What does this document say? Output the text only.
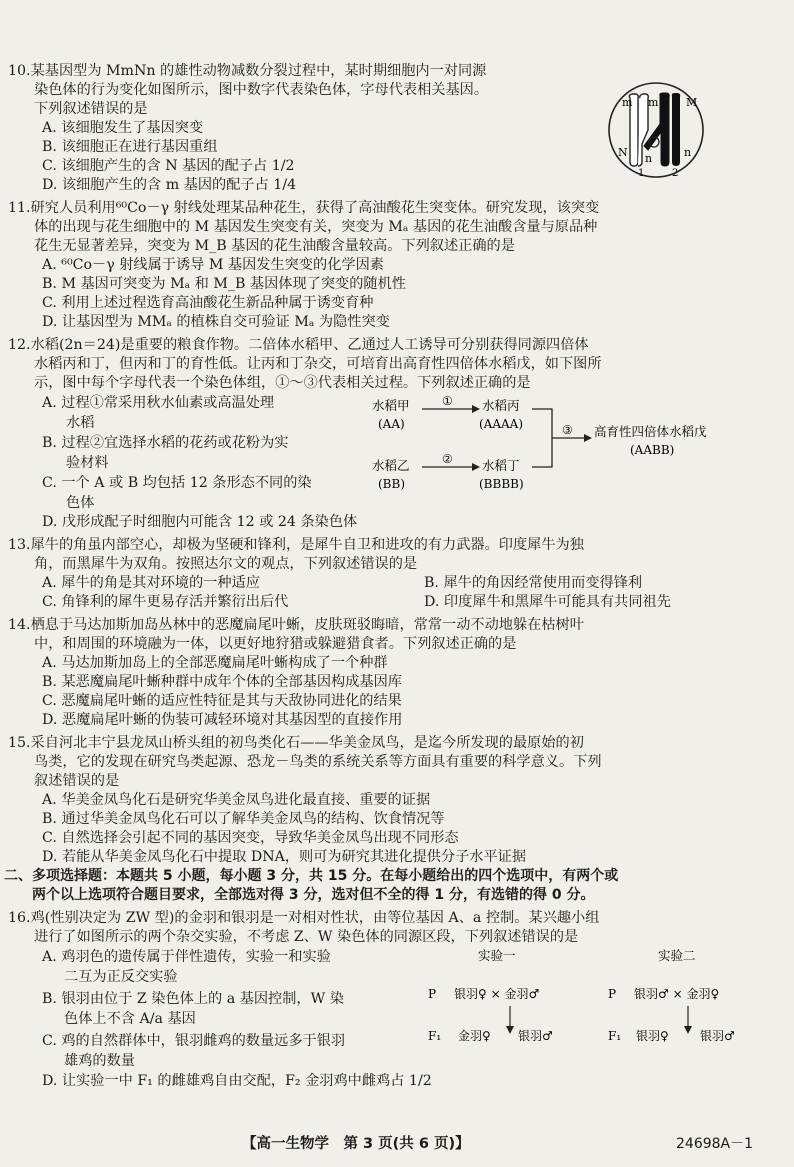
10.某基因型为 MmNn 的雄性动物减数分裂过程中，某时期细胞内一对同源
染色体的行为变化如图所示，图中数字代表染色体，字母代表相关基因。
下列叙述错误的是
A. 该细胞发生了基因突变
B. 该细胞正在进行基因重组
C. 该细胞产生的含 N 基因的配子占 1/2
D. 该细胞产生的含 m 基因的配子占 1/4
11.研究人员利用⁶⁰Co－γ 射线处理某品种花生，获得了高油酸花生突变体。研究发现，该突变
体的出现与花生细胞中的 M 基因发生突变有关，突变为 Mₐ 基因的花生油酸含量与原品种
花生无显著差异，突变为 M_B 基因的花生油酸含量较高。下列叙述正确的是
A. ⁶⁰Co－γ 射线属于诱导 M 基因发生突变的化学因素
B. M 基因可突变为 Mₐ 和 M_B 基因体现了突变的随机性
C. 利用上述过程选育高油酸花生新品种属于诱变育种
D. 让基因型为 MMₐ 的植株自交可验证 Mₐ 为隐性突变
12.水稻(2n＝24)是重要的粮食作物。二倍体水稻甲、乙通过人工诱导可分别获得同源四倍体
水稻丙和丁，但丙和丁的育性低。让丙和丁杂交，可培育出高育性四倍体水稻戊，如下图所
示，图中每个字母代表一个染色体组，①～③代表相关过程。下列叙述正确的是
A. 过程①常采用秋水仙素或高温处理
水稻
B. 过程②宜选择水稻的花药或花粉为实
验材料
C. 一个 A 或 B 均包括 12 条形态不同的染
色体
D. 戊形成配子时细胞内可能含 12 或 24 条染色体
13.犀牛的角虽内部空心，却极为坚硬和锋利，是犀牛自卫和进攻的有力武器。印度犀牛为独
角，而黑犀牛为双角。按照达尔文的观点，下列叙述错误的是
A. 犀牛的角是其对环境的一种适应	B. 犀牛的角因经常使用而变得锋利
C. 角锋利的犀牛更易存活并繁衍出后代	D. 印度犀牛和黑犀牛可能具有共同祖先
14.栖息于马达加斯加岛丛林中的恶魔扁尾叶蜥，皮肤斑驳晦暗，常常一动不动地躲在枯树叶
中，和周围的环境融为一体，以更好地狩猎或躲避猎食者。下列叙述正确的是
A. 马达加斯加岛上的全部恶魔扁尾叶蜥构成了一个种群
B. 某恶魔扁尾叶蜥种群中成年个体的全部基因构成基因库
C. 恶魔扁尾叶蜥的适应性特征是其与天敌协同进化的结果
D. 恶魔扁尾叶蜥的伪装可减轻环境对其基因型的直接作用
15.采自河北丰宁县龙凤山桥头组的初鸟类化石——华美金凤鸟，是迄今所发现的最原始的初
鸟类，它的发现在研究鸟类起源、恐龙－鸟类的系统关系等方面具有重要的科学意义。下列
叙述错误的是
A. 华美金凤鸟化石是研究华美金凤鸟进化最直接、重要的证据
B. 通过华美金凤鸟化石可以了解华美金凤鸟的结构、饮食情况等
C. 自然选择会引起不同的基因突变，导致华美金凤鸟出现不同形态
D. 若能从华美金凤鸟化石中提取 DNA，则可为研究其进化提供分子水平证据
二、多项选择题：本题共 5 小题，每小题 3 分，共 15 分。在每小题给出的四个选项中，有两个或
两个以上选项符合题目要求，全部选对得 3 分，选对但不全的得 1 分，有选错的得 0 分。
16.鸡(性别决定为 ZW 型)的金羽和银羽是一对相对性状，由等位基因 A、a 控制。某兴趣小组
进行了如图所示的两个杂交实验，不考虑 Z、W 染色体的同源区段，下列叙述错误的是
A. 鸡羽色的遗传属于伴性遗传，实验一和实验
二互为正反交实验
B. 银羽由位于 Z 染色体上的 a 基因控制，W 染
色体上不含 A/a 基因
C. 鸡的自然群体中，银羽雌鸡的数量远多于银羽
雄鸡的数量
D. 让实验一中 F₁ 的雌雄鸡自由交配，F₂ 金羽鸡中雌鸡占 1/2
m m	M
N n	n
1	2
水稻甲
(AA)
① 水稻丙
(AAAA)
水稻乙
(BB)
② 水稻丁
(BBBB)
③ 高育性四倍体水稻戊
(AABB)
实验一	实验二
P 银羽♀ × 金羽♂
F₁ 金羽♀ 银羽♂
P 银羽♂ × 金羽♀
F₁ 银羽♀	银羽♂
【高一生物学　第 3 页(共 6 页)】	24698A－1
